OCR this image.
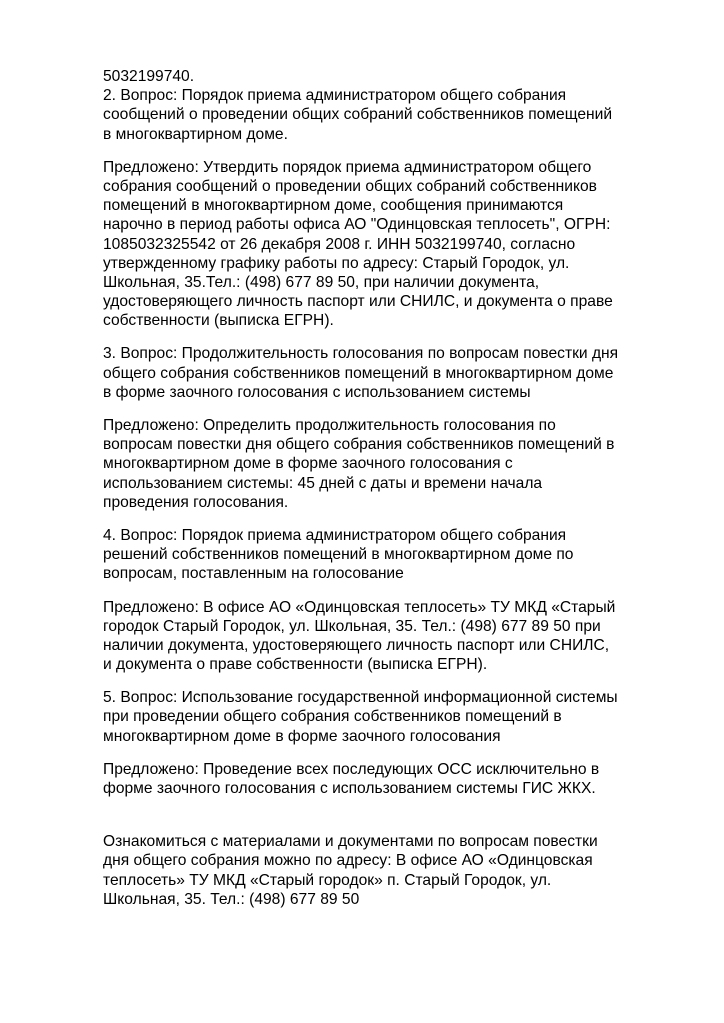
5032199740.
2. Вопрос: Порядок приема администратором общего собрания
сообщений о проведении общих собраний собственников помещений
в многоквартирном доме.
Предложено: Утвердить порядок приема администратором общего
собрания сообщений о проведении общих собраний собственников
помещений в многоквартирном доме, сообщения принимаются
нарочно в период работы офиса АО "Одинцовская теплосеть", ОГРН:
1085032325542 от 26 декабря 2008 г. ИНН 5032199740, согласно
утвержденному графику работы по адресу: Старый Городок, ул.
Школьная, 35.Тел.: (498) 677 89 50, при наличии документа,
удостоверяющего личность паспорт или СНИЛС, и документа о праве
собственности (выписка ЕГРН).
3. Вопрос: Продолжительность голосования по вопросам повестки дня
общего собрания собственников помещений в многоквартирном доме
в форме заочного голосования с использованием системы
Предложено: Определить продолжительность голосования по
вопросам повестки дня общего собрания собственников помещений в
многоквартирном доме в форме заочного голосования с
использованием системы: 45 дней с даты и времени начала
проведения голосования.
4. Вопрос: Порядок приема администратором общего собрания
решений собственников помещений в многоквартирном доме по
вопросам, поставленным на голосование
Предложено: В офисе АО «Одинцовская теплосеть» ТУ МКД «Старый
городок Старый Городок, ул. Школьная, 35. Тел.: (498) 677 89 50 при
наличии документа, удостоверяющего личность паспорт или СНИЛС,
и документа о праве собственности (выписка ЕГРН).
5. Вопрос: Использование государственной информационной системы
при проведении общего собрания собственников помещений в
многоквартирном доме в форме заочного голосования
Предложено: Проведение всех последующих ОСС исключительно в
форме заочного голосования с использованием системы ГИС ЖКХ.
Ознакомиться с материалами и документами по вопросам повестки
дня общего собрания можно по адресу: В офисе АО «Одинцовская
теплосеть» ТУ МКД «Старый городок» п. Старый Городок, ул.
Школьная, 35. Тел.: (498) 677 89 50
